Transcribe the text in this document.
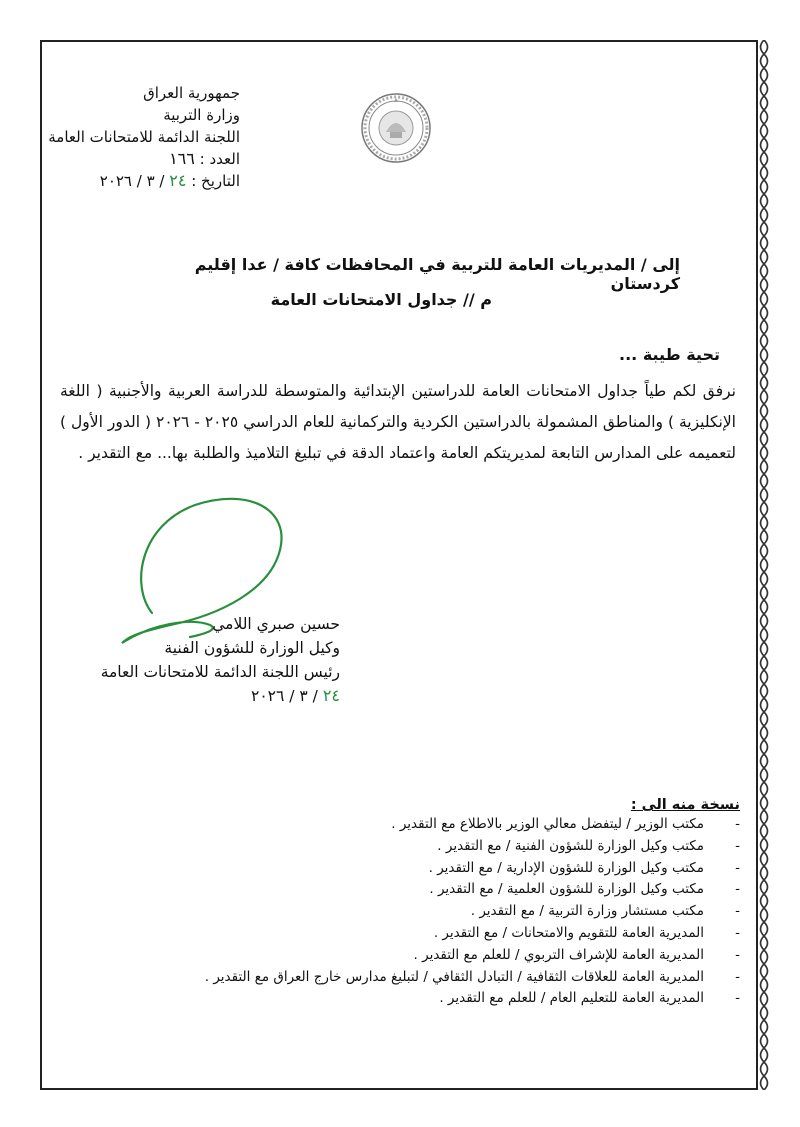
جمهورية العراق
وزارة التربية
اللجنة الدائمة للامتحانات العامة
العدد : ١٦٦
التاريخ : ٢٤ / ٣ / ٢٠٢٦
إلى / المديريات العامة للتربية في المحافظات كافة / عدا إقليم كردستان
م // جداول الامتحانات العامة
تحية طيبة ...
نرفق لكم طياً جداول الامتحانات العامة للدراستين الإبتدائية والمتوسطة للدراسة العربية والأجنبية ( اللغة الإنكليزية ) والمناطق المشمولة بالدراستين الكردية والتركمانية للعام الدراسي ٢٠٢٥ - ٢٠٢٦ ( الدور الأول ) لتعميمه على المدارس التابعة لمديريتكم العامة واعتماد الدقة في تبليغ التلاميذ والطلبة بها... مع التقدير .
حسين صبري اللامي
وكيل الوزارة للشؤون الفنية
رئيس اللجنة الدائمة للامتحانات العامة
٢٤ / ٣ / ٢٠٢٦
نسخة منه الى :
-
مكتب الوزير / ليتفضل معالي الوزير بالاطلاع مع التقدير .
-
مكتب وكيل الوزارة للشؤون الفنية / مع التقدير .
-
مكتب وكيل الوزارة للشؤون الإدارية / مع التقدير .
-
مكتب وكيل الوزارة للشؤون العلمية / مع التقدير .
-
مكتب مستشار وزارة التربية / مع التقدير .
-
المديرية العامة للتقويم والامتحانات / مع التقدير .
-
المديرية العامة للإشراف التربوي / للعلم مع التقدير .
-
المديرية العامة للعلاقات الثقافية / التبادل الثقافي / لتبليغ مدارس خارج العراق مع التقدير .
-
المديرية العامة للتعليم العام / للعلم مع التقدير .
